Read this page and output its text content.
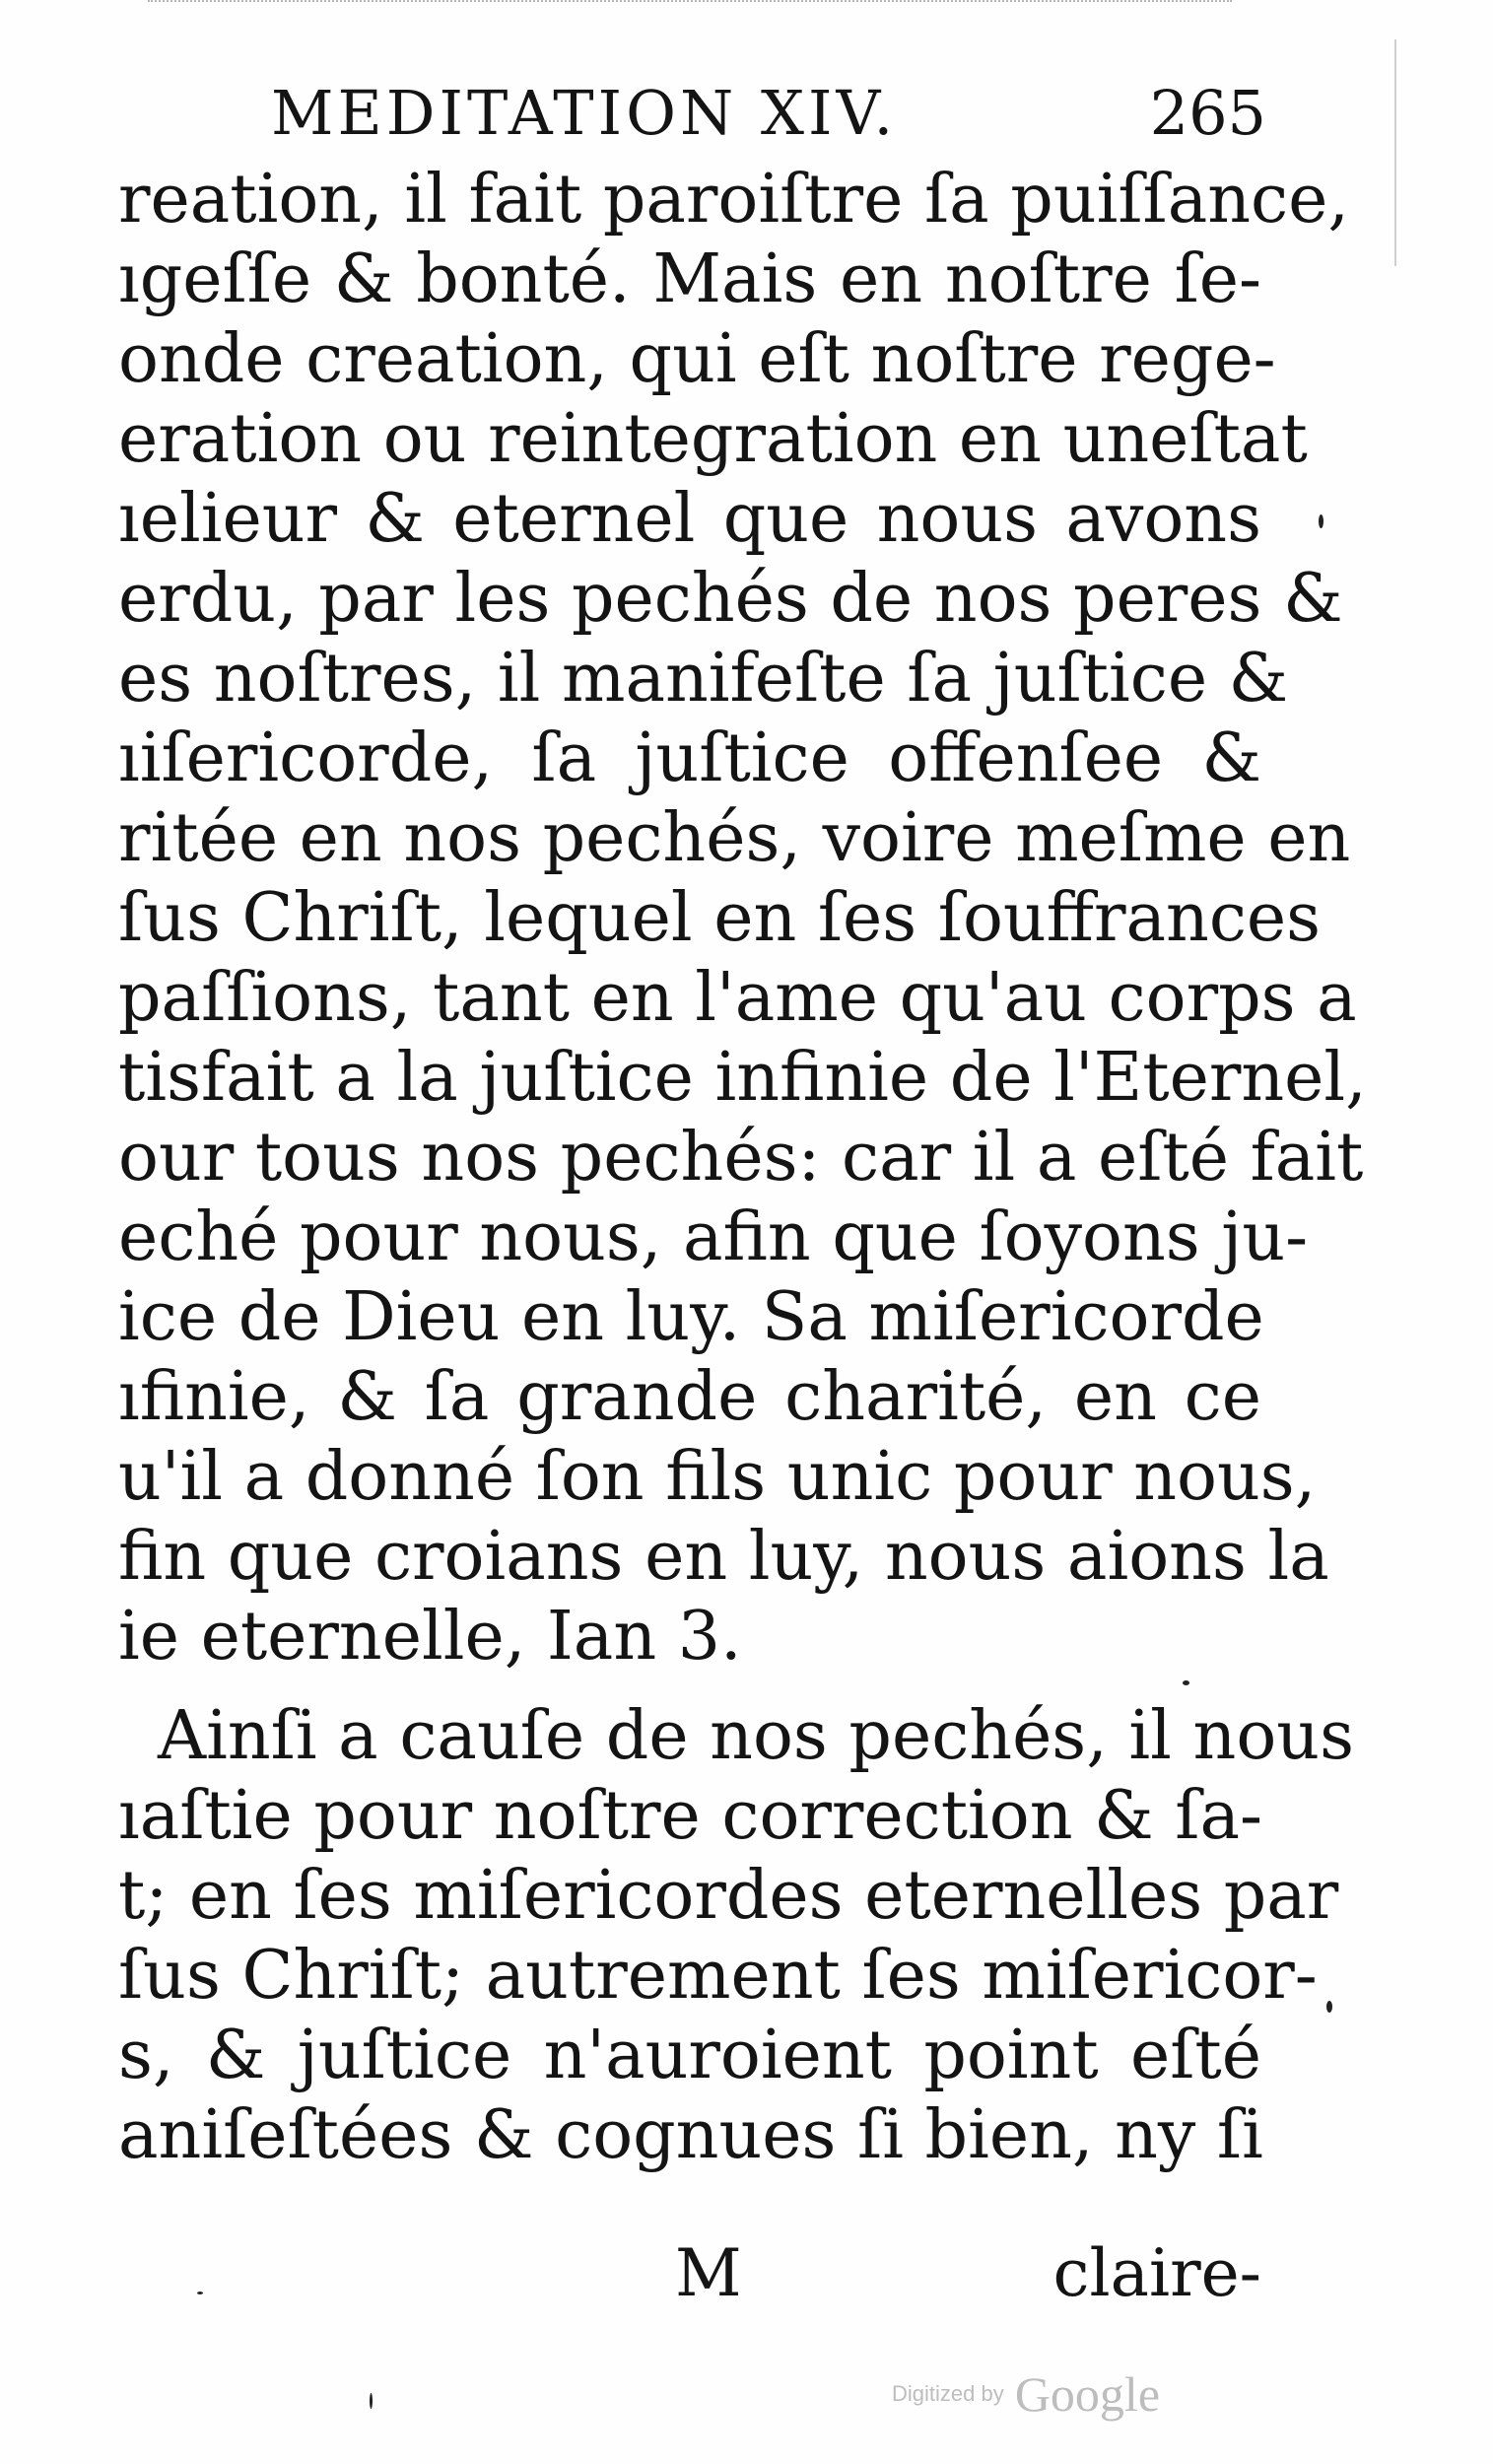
MEDITATION XIV.	265
reation, il fait paroiſtre ſa puiſſance,
ıgeſſe & bonté. Mais en noſtre ſe-
onde creation, qui eſt noſtre rege-
eration ou reintegration en uneſtat
ıelieur & eternel que nous avons
erdu, par les pechés de nos peres &
es noſtres, il manifeſte ſa juſtice &
ıiſericorde, ſa juſtice offenſee &
ritée en nos pechés, voire meſme en
ſus Chriſt, lequel en ſes ſouffrances
paſſions, tant en l'ame qu'au corps a
tisfait a la juſtice infinie de l'Eternel,
our tous nos pechés: car il a eſté fait
eché pour nous, afin que ſoyons ju-
ice de Dieu en luy. Sa miſericorde
ıfinie, & ſa grande charité, en ce
u'il a donné ſon fils unic pour nous,
fin que croians en luy, nous aions la
ie eternelle, Ian 3.
Ainſi a cauſe de nos pechés, il nous
ıaſtie pour noſtre correction & ſa-
t; en ſes miſericordes eternelles par
ſus Chriſt; autrement ſes miſericor-
s, & juſtice n'auroient point eſté
aniſeſtées & cognues ſi bien, ny ſi
M	claire-
Digitized by Google
